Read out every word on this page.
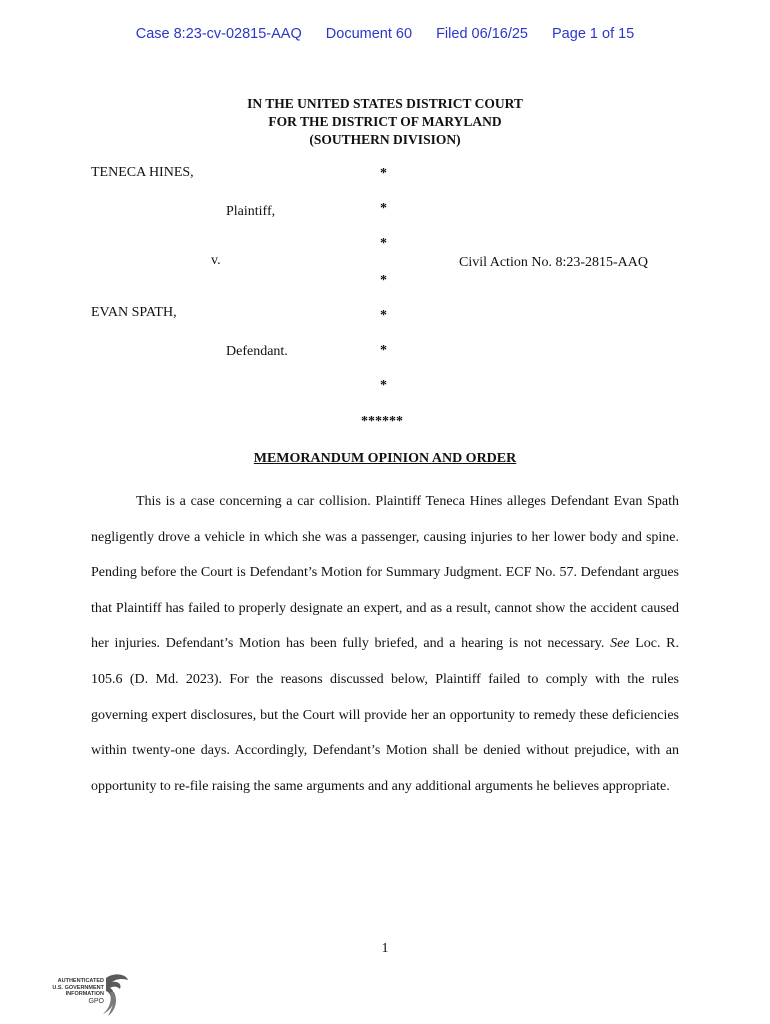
Case 8:23-cv-02815-AAQ Document 60 Filed 06/16/25 Page 1 of 15
IN THE UNITED STATES DISTRICT COURT
FOR THE DISTRICT OF MARYLAND
(SOUTHERN DIVISION)
TENECA HINES,
Plaintiff,
v.
EVAN SPATH,
Defendant.
Civil Action No. 8:23-2815-AAQ
*
*
*
*
*
*
*
******
MEMORANDUM OPINION AND ORDER

This is a case concerning a car collision. Plaintiff Teneca Hines alleges Defendant Evan Spath negligently drove a vehicle in which she was a passenger, causing injuries to her lower body and spine. Pending before the Court is Defendant’s Motion for Summary Judgment. ECF No. 57. Defendant argues that Plaintiff has failed to properly designate an expert, and as a result, cannot show the accident caused her injuries. Defendant’s Motion has been fully briefed, and a hearing is not necessary. See Loc. R. 105.6 (D. Md. 2023). For the reasons discussed below, Plaintiff failed to comply with the rules governing expert disclosures, but the Court will provide her an opportunity to remedy these deficiencies within twenty-one days. Accordingly, Defendant’s Motion shall be denied without prejudice, with an opportunity to re-file raising the same arguments and any additional arguments he believes appropriate.

1
AUTHENTICATED
U.S. GOVERNMENT
INFORMATION
GPO
